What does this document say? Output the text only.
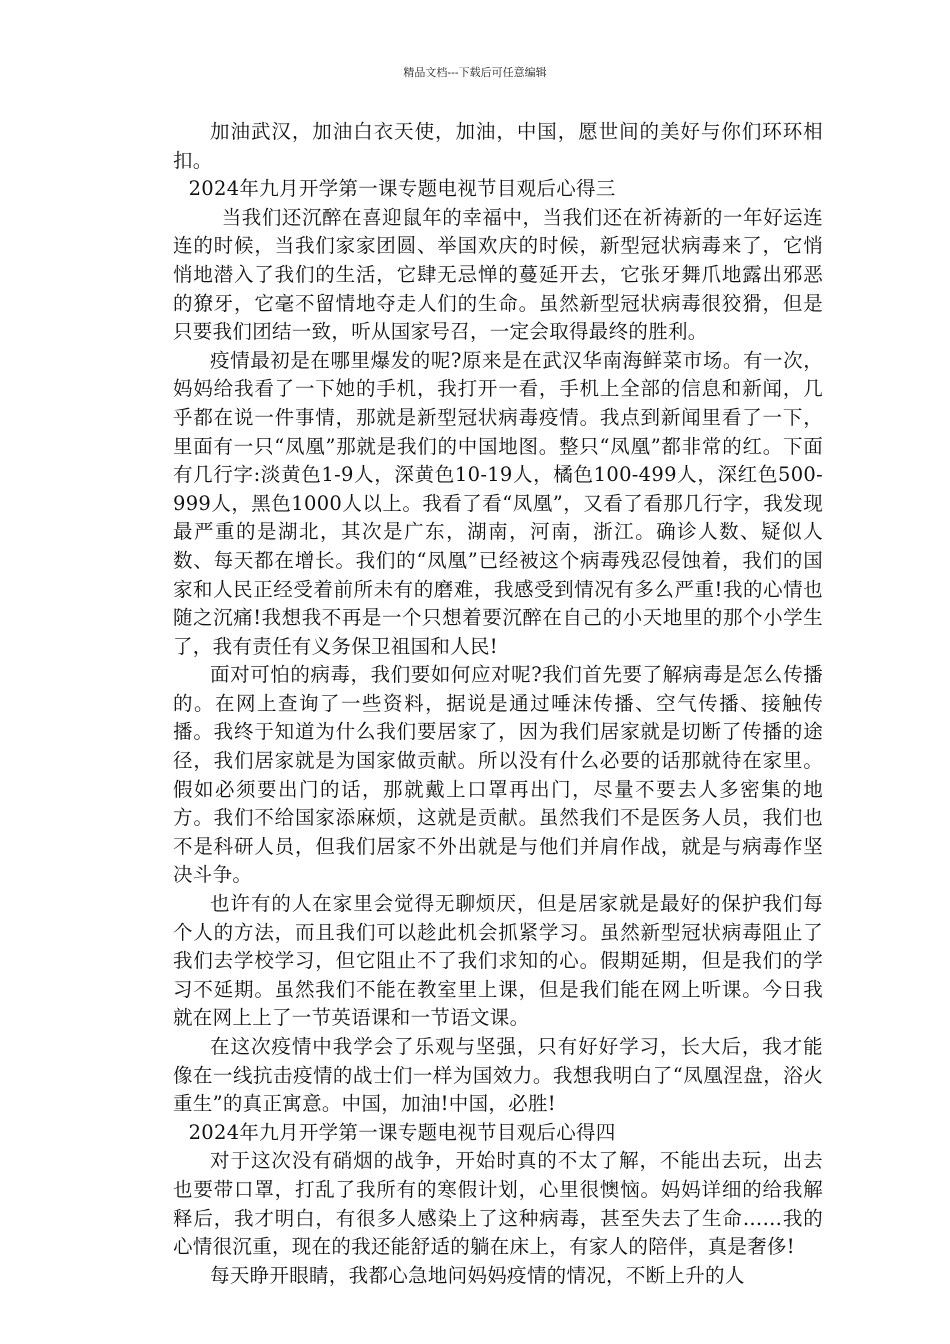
精品文档---下载后可任意编辑

加油武汉，加油白衣天使，加油，中国，愿世间的美好与你们环环相扣。

2024年九月开学第一课专题电视节目观后心得三

当我们还沉醉在喜迎鼠年的幸福中，当我们还在祈祷新的一年好运连连的时候，当我们家家团圆、举国欢庆的时候，新型冠状病毒来了，它悄悄地潜入了我们的生活，它肆无忌惮的蔓延开去，它张牙舞爪地露出邪恶的獠牙，它毫不留情地夺走人们的生命。虽然新型冠状病毒很狡猾，但是只要我们团结一致，听从国家号召，一定会取得最终的胜利。

疫情最初是在哪里爆发的呢?原来是在武汉华南海鲜菜市场。有一次，妈妈给我看了一下她的手机，我打开一看，手机上全部的信息和新闻，几乎都在说一件事情，那就是新型冠状病毒疫情。我点到新闻里看了一下，里面有一只“凤凰”那就是我们的中国地图。整只“凤凰”都非常的红。下面有几行字:淡黄色1-9人，深黄色10-19人，橘色100-499人，深红色500-999人，黑色1000人以上。我看了看“凤凰”，又看了看那几行字，我发现最严重的是湖北，其次是广东，湖南，河南，浙江。确诊人数、疑似人数、每天都在增长。我们的“凤凰”已经被这个病毒残忍侵蚀着，我们的国家和人民正经受着前所未有的磨难，我感受到情况有多么严重!我的心情也随之沉痛!我想我不再是一个只想着要沉醉在自己的小天地里的那个小学生了，我有责任有义务保卫祖国和人民!

面对可怕的病毒，我们要如何应对呢?我们首先要了解病毒是怎么传播的。在网上查询了一些资料，据说是通过唾沫传播、空气传播、接触传播。我终于知道为什么我们要居家了，因为我们居家就是切断了传播的途径，我们居家就是为国家做贡献。所以没有什么必要的话那就待在家里。假如必须要出门的话，那就戴上口罩再出门，尽量不要去人多密集的地方。我们不给国家添麻烦，这就是贡献。虽然我们不是医务人员，我们也不是科研人员，但我们居家不外出就是与他们并肩作战，就是与病毒作坚决斗争。

也许有的人在家里会觉得无聊烦厌，但是居家就是最好的保护我们每个人的方法，而且我们可以趁此机会抓紧学习。虽然新型冠状病毒阻止了我们去学校学习，但它阻止不了我们求知的心。假期延期，但是我们的学习不延期。虽然我们不能在教室里上课，但是我们能在网上听课。今日我就在网上上了一节英语课和一节语文课。

在这次疫情中我学会了乐观与坚强，只有好好学习，长大后，我才能像在一线抗击疫情的战士们一样为国效力。我想我明白了“凤凰涅盘，浴火重生”的真正寓意。中国，加油!中国，必胜!

2024年九月开学第一课专题电视节目观后心得四

对于这次没有硝烟的战争，开始时真的不太了解，不能出去玩，出去也要带口罩，打乱了我所有的寒假计划，心里很懊恼。妈妈详细的给我解释后，我才明白，有很多人感染上了这种病毒，甚至失去了生命……我的心情很沉重，现在的我还能舒适的躺在床上，有家人的陪伴，真是奢侈!

每天睁开眼睛，我都心急地问妈妈疫情的情况，不断上升的人
